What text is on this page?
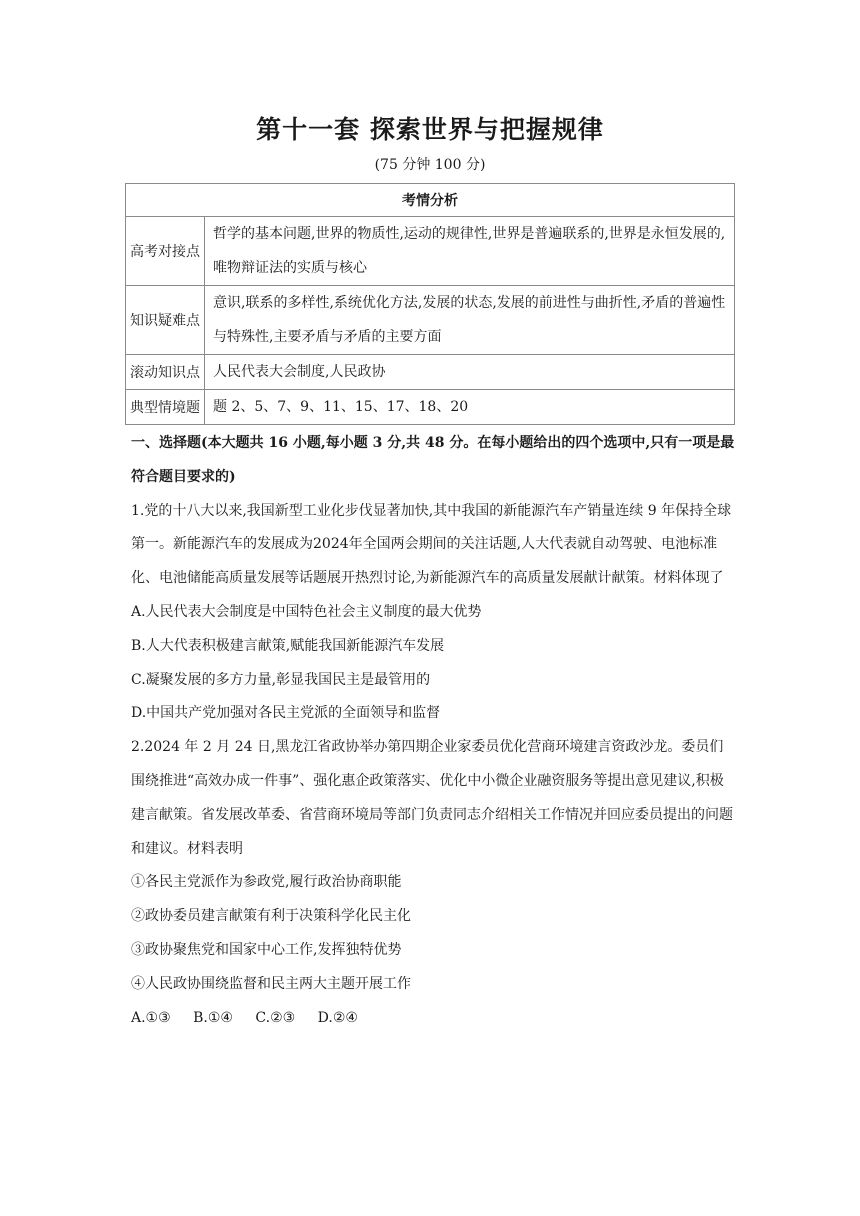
第十一套 探索世界与把握规律
(75 分钟 100 分)
考情分析	
高考对接点	哲学的基本问题,世界的物质性,运动的规律性,世界是普遍联系的,世界是永恒发展的,唯物辩证法的实质与核心
知识疑难点	意识,联系的多样性,系统优化方法,发展的状态,发展的前进性与曲折性,矛盾的普遍性与特殊性,主要矛盾与矛盾的主要方面
滚动知识点	人民代表大会制度,人民政协
典型情境题	题 2、5、7、9、11、15、17、18、20

一、选择题(本大题共 16 小题,每小题 3 分,共 48 分。在每小题给出的四个选项中,只有一项是最符合题目要求的)

1.党的十八大以来,我国新型工业化步伐显著加快,其中我国的新能源汽车产销量连续 9 年保持全球第一。新能源汽车的发展成为2024年全国两会期间的关注话题,人大代表就自动驾驶、电池标准化、电池储能高质量发展等话题展开热烈讨论,为新能源汽车的高质量发展献计献策。材料体现了

A.人民代表大会制度是中国特色社会主义制度的最大优势

B.人大代表积极建言献策,赋能我国新能源汽车发展

C.凝聚发展的多方力量,彰显我国民主是最管用的

D.中国共产党加强对各民主党派的全面领导和监督

2.2024 年 2 月 24 日,黑龙江省政协举办第四期企业家委员优化营商环境建言资政沙龙。委员们围绕推进“高效办成一件事”、强化惠企政策落实、优化中小微企业融资服务等提出意见建议,积极建言献策。省发展改革委、省营商环境局等部门负责同志介绍相关工作情况并回应委员提出的问题和建议。材料表明

①各民主党派作为参政党,履行政治协商职能

②政协委员建言献策有利于决策科学化民主化

③政协聚焦党和国家中心工作,发挥独特优势

④人民政协围绕监督和民主两大主题开展工作

A.①③ B.①④ C.②③ D.②④
